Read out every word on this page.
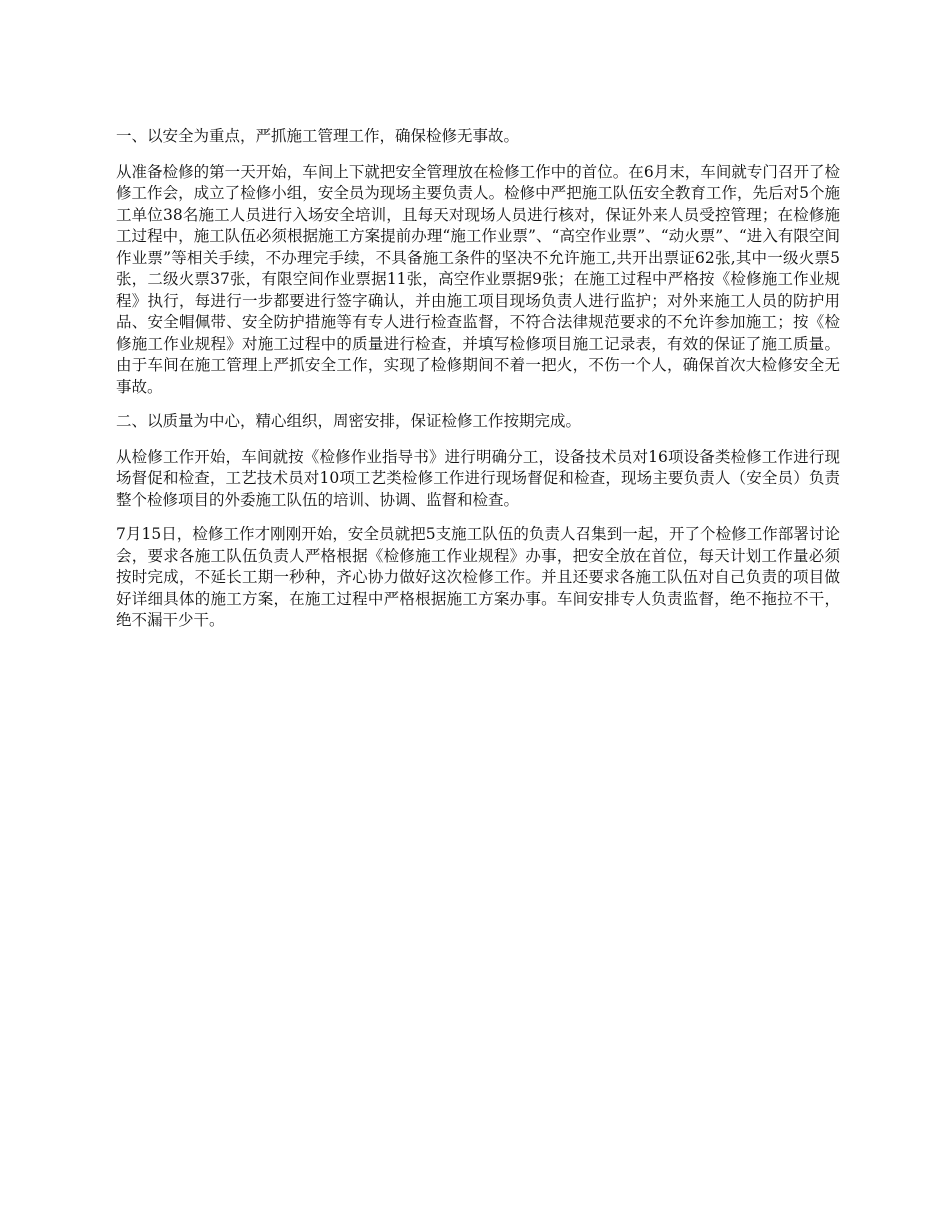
一、以安全为重点，严抓施工管理工作，确保检修无事故。

从准备检修的第一天开始，车间上下就把安全管理放在检修工作中的首位。在6月末，车间就专门召开了检修工作会，成立了检修小组，安全员为现场主要负责人。检修中严把施工队伍安全教育工作，先后对5个施工单位38名施工人员进行入场安全培训，且每天对现场人员进行核对，保证外来人员受控管理；在检修施工过程中，施工队伍必须根据施工方案提前办理“施工作业票”、“高空作业票”、“动火票”、“进入有限空间作业票”等相关手续，不办理完手续，不具备施工条件的坚决不允许施工,共开出票证62张,其中一级火票5张，二级火票37张，有限空间作业票据11张，高空作业票据9张；在施工过程中严格按《检修施工作业规程》执行，每进行一步都要进行签字确认，并由施工项目现场负责人进行监护；对外来施工人员的防护用品、安全帽佩带、安全防护措施等有专人进行检查监督，不符合法律规范要求的不允许参加施工；按《检修施工作业规程》对施工过程中的质量进行检查，并填写检修项目施工记录表，有效的保证了施工质量。由于车间在施工管理上严抓安全工作，实现了检修期间不着一把火，不伤一个人，确保首次大检修安全无事故。

二、以质量为中心，精心组织，周密安排，保证检修工作按期完成。

从检修工作开始，车间就按《检修作业指导书》进行明确分工，设备技术员对16项设备类检修工作进行现场督促和检查，工艺技术员对10项工艺类检修工作进行现场督促和检查，现场主要负责人（安全员）负责整个检修项目的外委施工队伍的培训、协调、监督和检查。

7月15日，检修工作才刚刚开始，安全员就把5支施工队伍的负责人召集到一起，开了个检修工作部署讨论会，要求各施工队伍负责人严格根据《检修施工作业规程》办事，把安全放在首位，每天计划工作量必须按时完成，不延长工期一秒种，齐心协力做好这次检修工作。并且还要求各施工队伍对自己负责的项目做好详细具体的施工方案，在施工过程中严格根据施工方案办事。车间安排专人负责监督，绝不拖拉不干，绝不漏干少干。
